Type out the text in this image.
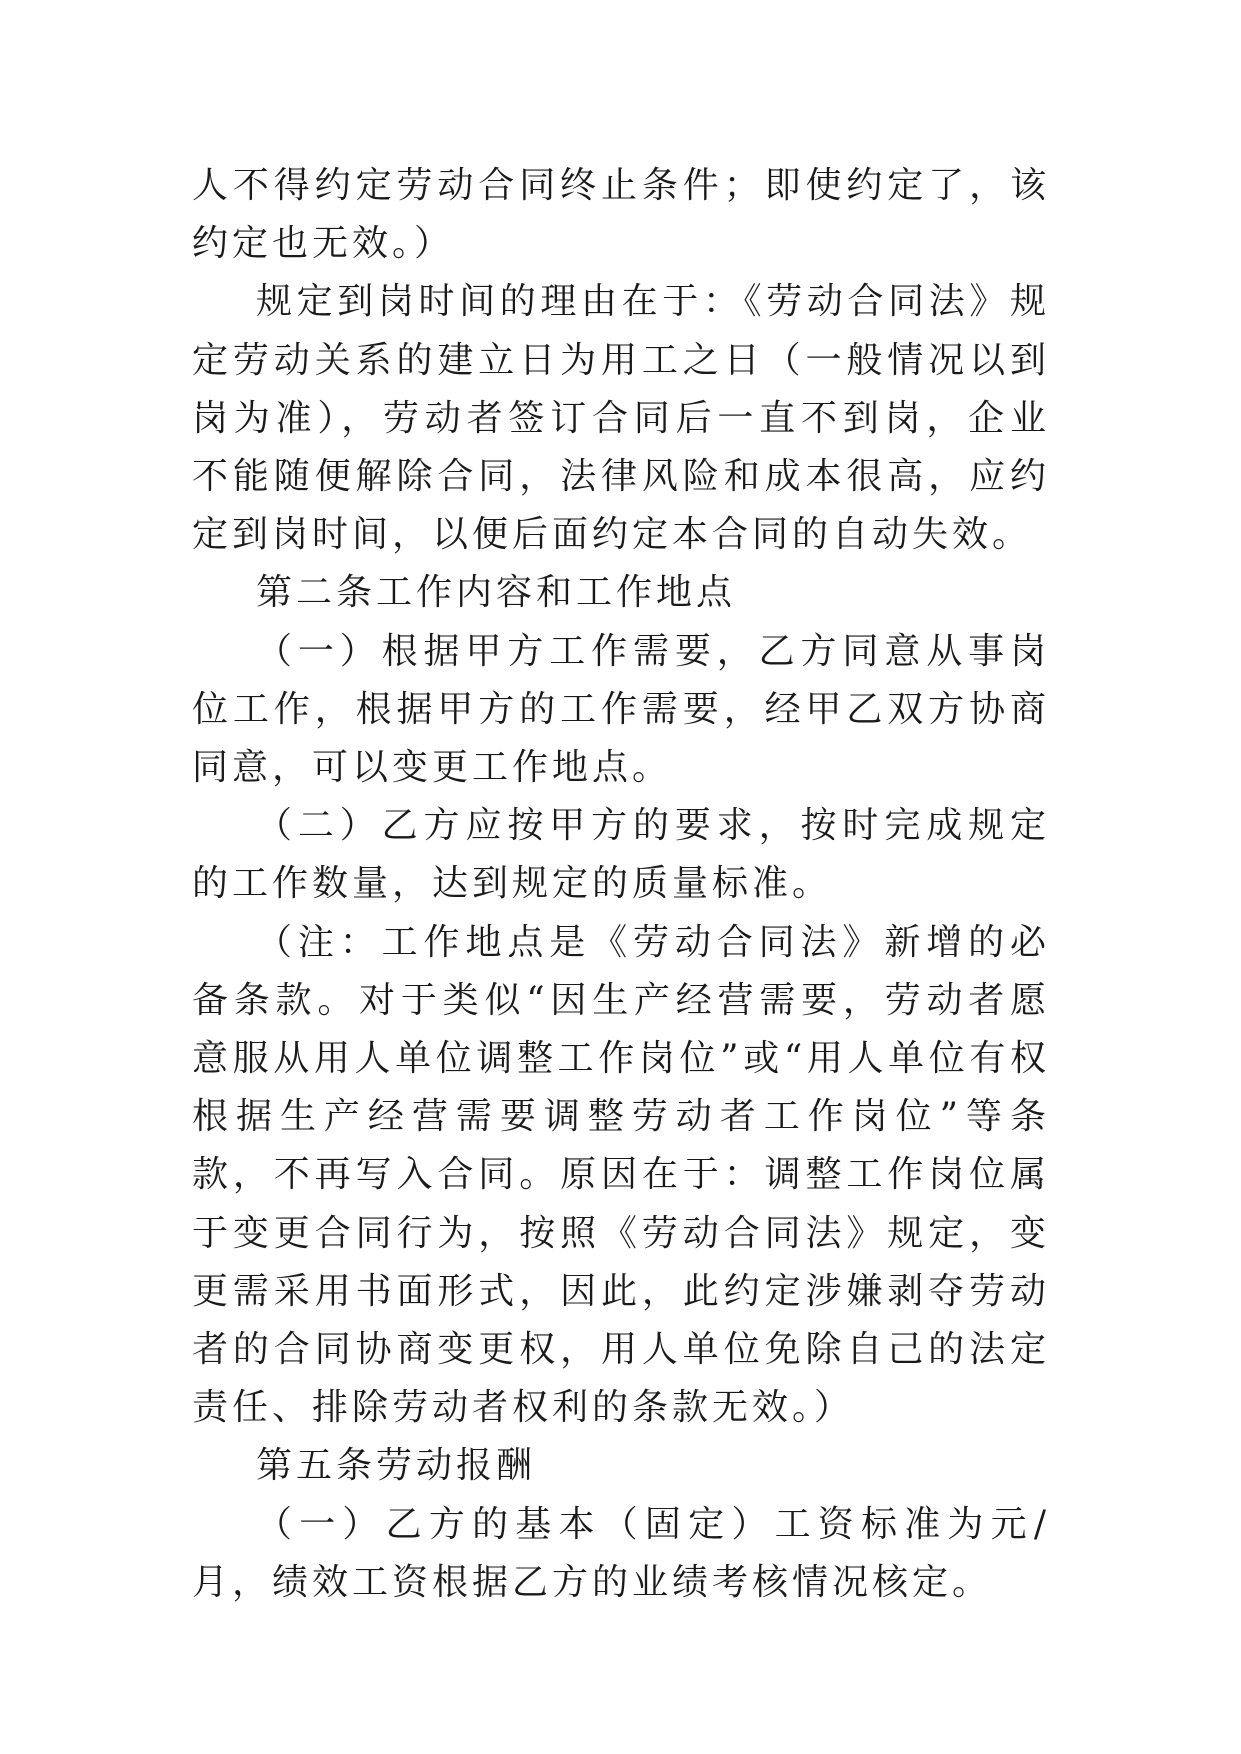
人不得约定劳动合同终止条件；即使约定了，该约定也无效。）

规定到岗时间的理由在于：《劳动合同法》规定劳动关系的建立日为用工之日（一般情况以到岗为准），劳动者签订合同后一直不到岗，企业不能随便解除合同，法律风险和成本很高，应约定到岗时间，以便后面约定本合同的自动失效。

第二条工作内容和工作地点

（一）根据甲方工作需要，乙方同意从事岗位工作，根据甲方的工作需要，经甲乙双方协商同意，可以变更工作地点。

（二）乙方应按甲方的要求，按时完成规定的工作数量，达到规定的质量标准。

（注：工作地点是《劳动合同法》新增的必备条款。对于类似“因生产经营需要，劳动者愿意服从用人单位调整工作岗位”或“用人单位有权根据生产经营需要调整劳动者工作岗位”等条款，不再写入合同。原因在于：调整工作岗位属于变更合同行为，按照《劳动合同法》规定，变更需采用书面形式，因此，此约定涉嫌剥夺劳动者的合同协商变更权，用人单位免除自己的法定责任、排除劳动者权利的条款无效。）

第五条劳动报酬

（一）乙方的基本（固定）工资标准为元/月，绩效工资根据乙方的业绩考核情况核定。
